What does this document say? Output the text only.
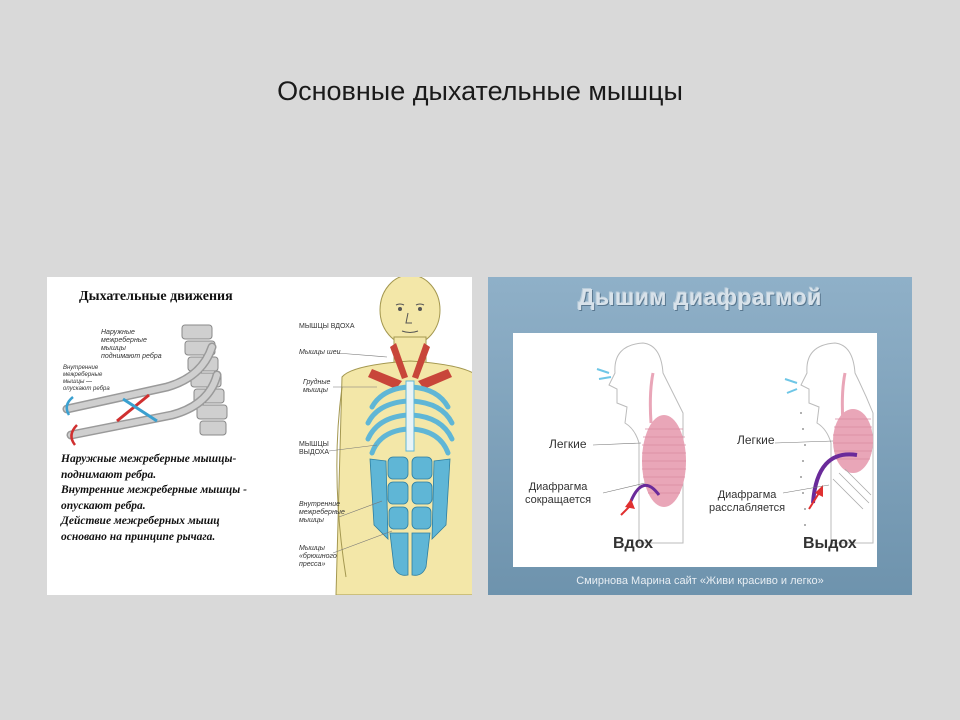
Основные дыхательные мышцы
Дыхательные движения
Наружные
межреберные
мышцы
поднимают ребра
Внутренние
межреберные
мышцы —
опускают ребра
Наружные межреберные мышцы-
поднимают ребра.
Внутренние межреберные мышцы -
опускают ребра.
Действие межреберных мышц
основано на принципе рычага.
МЫШЦЫ ВДОХА
Мышцы шеи
Грудные
мышцы
МЫШЦЫ
ВЫДОХА
Внутренние
межреберные
мышцы
Мышцы
«брюшного
пресса»
Дышим диафрагмой
Легкие
Диафрагма
сокращается
Вдох
Легкие
Диафрагма
расслабляется
Выдох
Смирнова Марина сайт «Живи красиво и легко»
